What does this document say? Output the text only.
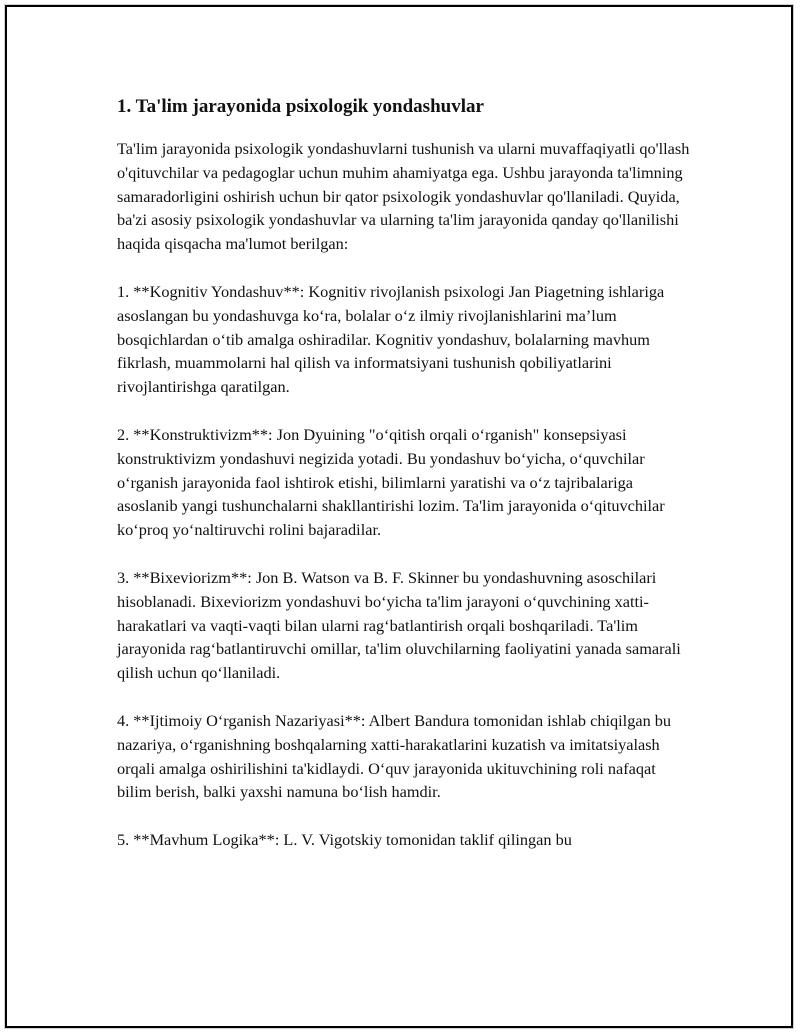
1. Ta'lim jarayonida psixologik yondashuvlar

Ta'lim jarayonida psixologik yondashuvlarni tushunish va ularni muvaffaqiyatli qo'llash o'qituvchilar va pedagoglar uchun muhim ahamiyatga ega. Ushbu jarayonda ta'limning samaradorligini oshirish uchun bir qator psixologik yondashuvlar qo'llaniladi. Quyida, ba'zi asosiy psixologik yondashuvlar va ularning ta'lim jarayonida qanday qo'llanilishi haqida qisqacha ma'lumot berilgan:

1. **Kognitiv Yondashuv**: Kognitiv rivojlanish psixologi Jan Piagetning ishlariga asoslangan bu yondashuvga ko‘ra, bolalar o‘z ilmiy rivojlanishlarini ma’lum bosqichlardan o‘tib amalga oshiradilar. Kognitiv yondashuv, bolalarning mavhum fikrlash, muammolarni hal qilish va informatsiyani tushunish qobiliyatlarini rivojlantirishga qaratilgan.

2. **Konstruktivizm**: Jon Dyuining "o‘qitish orqali o‘rganish" konsepsiyasi konstruktivizm yondashuvi negizida yotadi. Bu yondashuv bo‘yicha, o‘quvchilar o‘rganish jarayonida faol ishtirok etishi, bilimlarni yaratishi va o‘z tajribalariga asoslanib yangi tushunchalarni shakllantirishi lozim. Ta'lim jarayonida o‘qituvchilar ko‘proq yo‘naltiruvchi rolini bajaradilar.

3. **Bixeviorizm**: Jon B. Watson va B. F. Skinner bu yondashuvning asoschilari hisoblanadi. Bixeviorizm yondashuvi bo‘yicha ta'lim jarayoni o‘quvchining xatti-harakatlari va vaqti-vaqti bilan ularni rag‘batlantirish orqali boshqariladi. Ta'lim jarayonida rag‘batlantiruvchi omillar, ta'lim oluvchilarning faoliyatini yanada samarali qilish uchun qo‘llaniladi.

4. **Ijtimoiy O‘rganish Nazariyasi**: Albert Bandura tomonidan ishlab chiqilgan bu nazariya, o‘rganishning boshqalarning xatti-harakatlarini kuzatish va imitatsiyalash orqali amalga oshirilishini ta'kidlaydi. O‘quv jarayonida ukituvchining roli nafaqat bilim berish, balki yaxshi namuna bo‘lish hamdir.

5. **Mavhum Logika**: L. V. Vigotskiy tomonidan taklif qilingan bu
